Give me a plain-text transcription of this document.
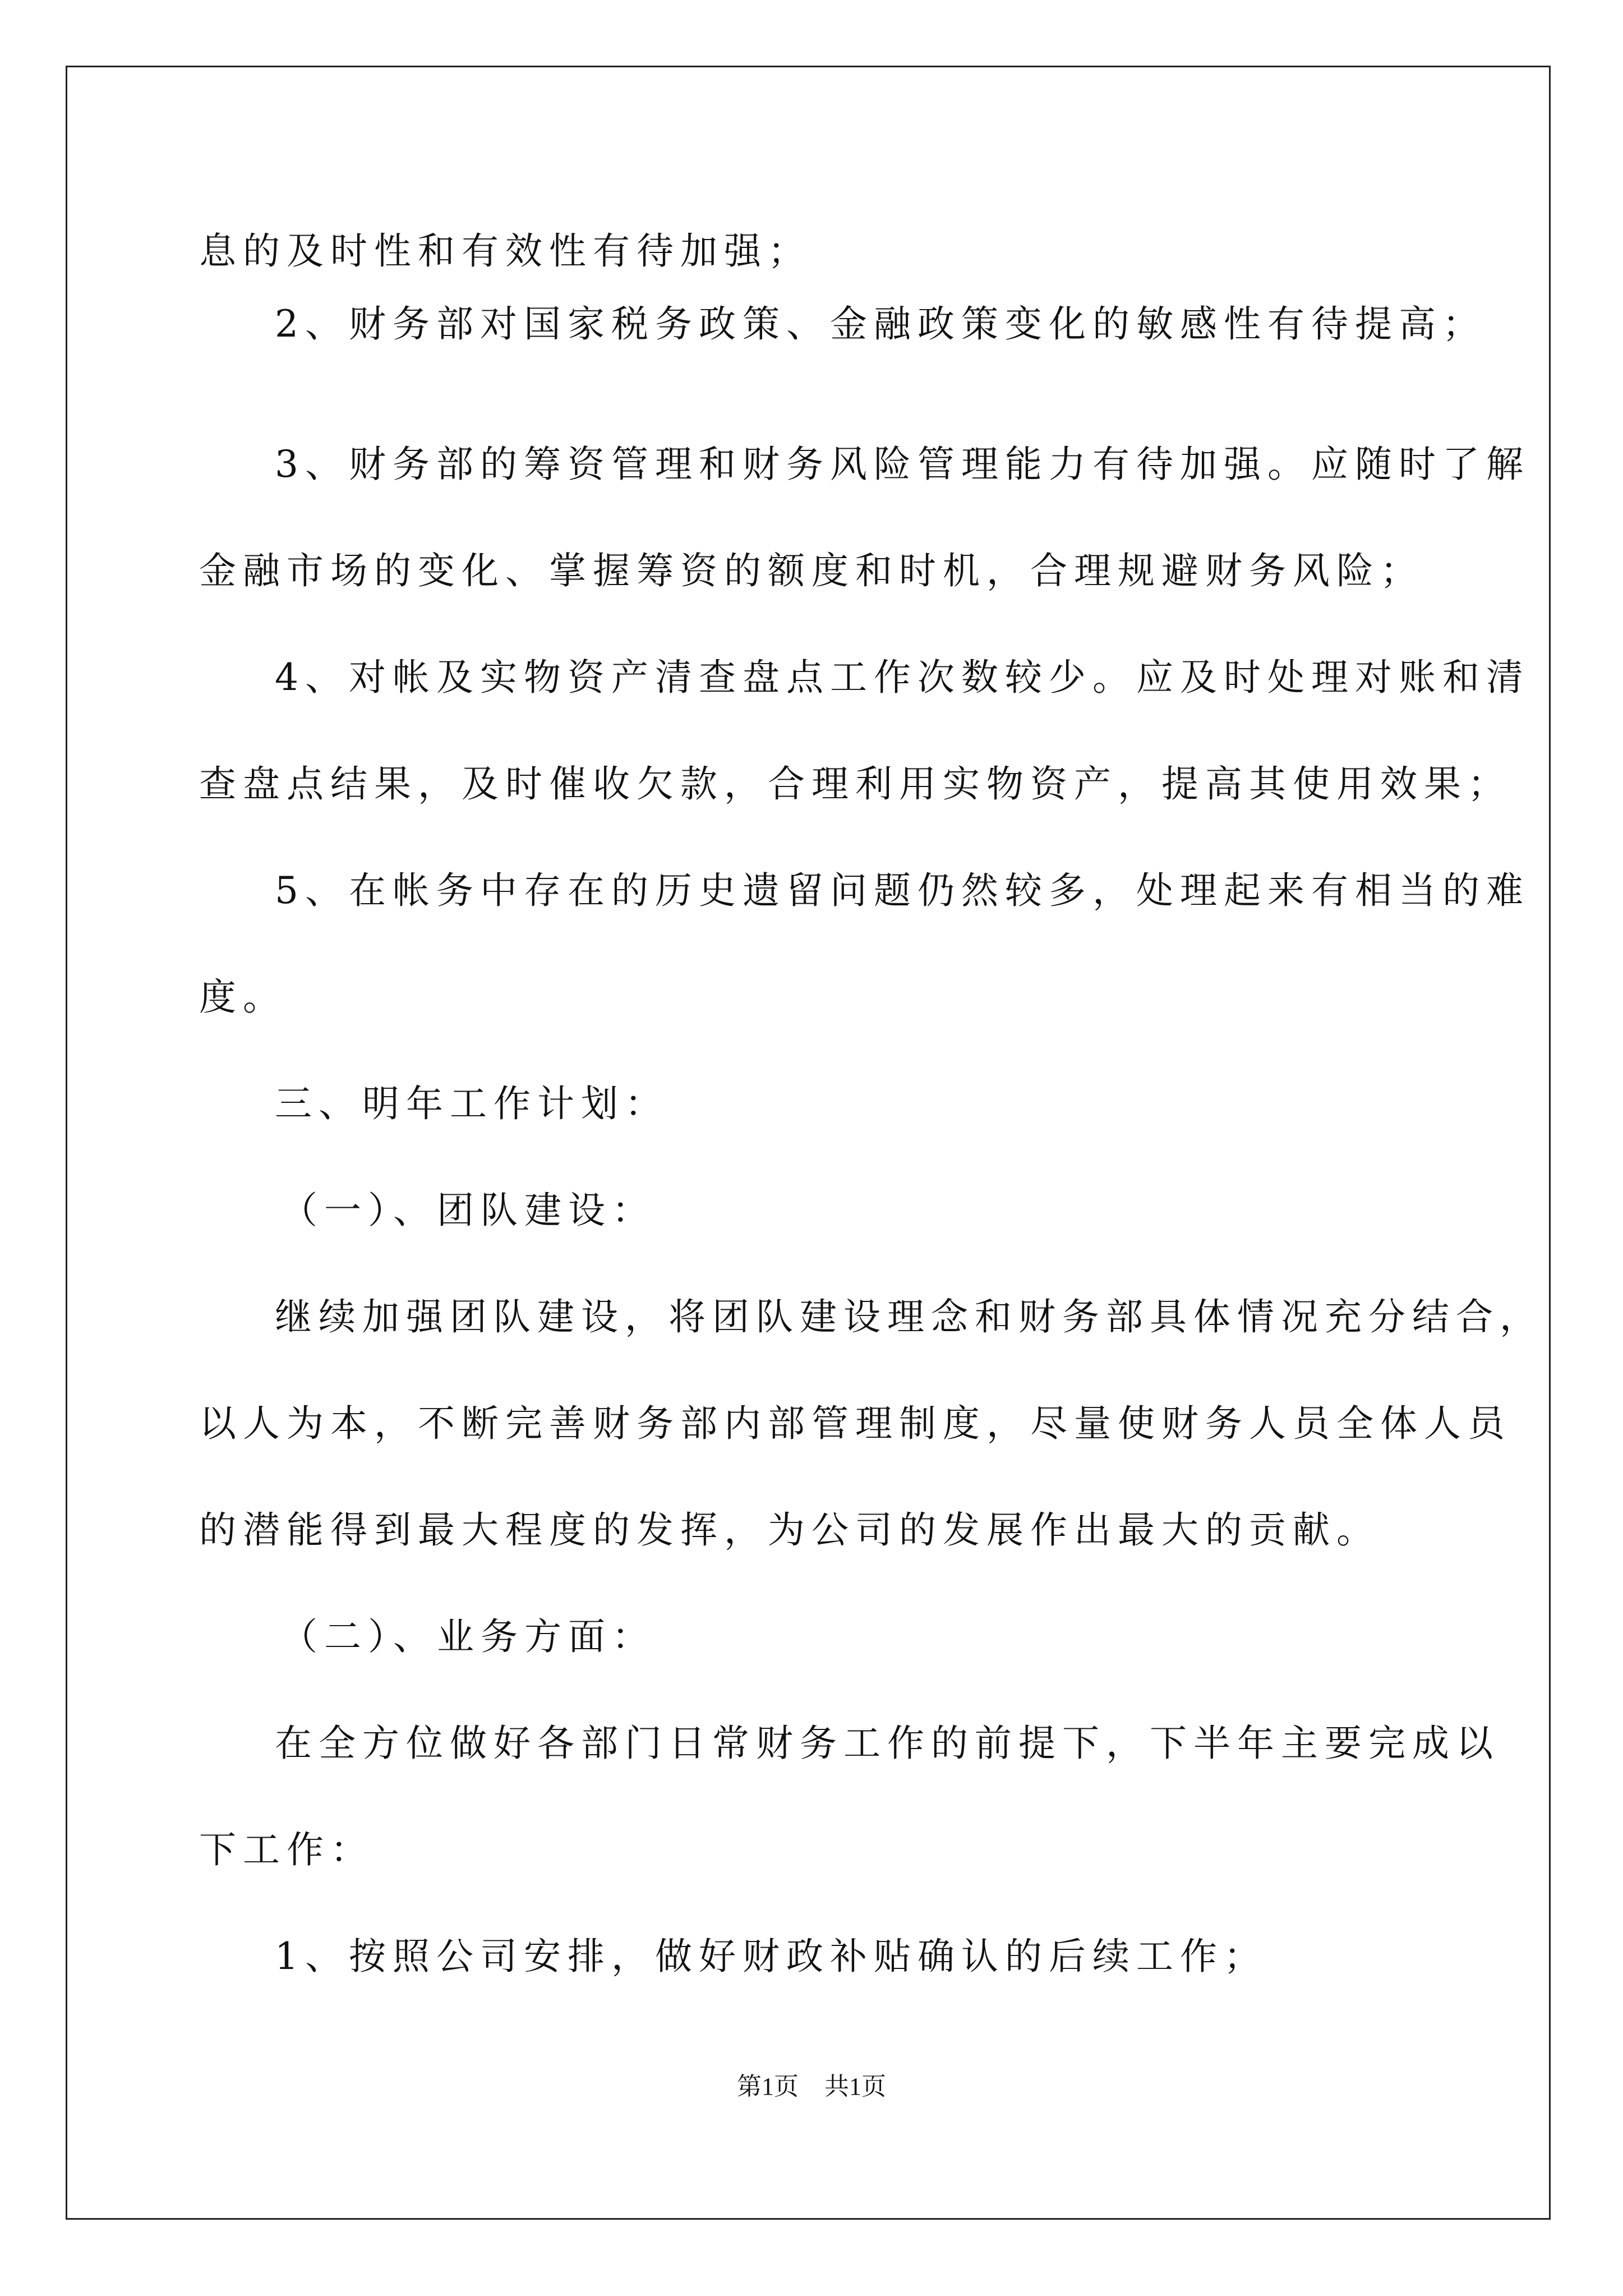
息的及时性和有效性有待加强；
2、财务部对国家税务政策、金融政策变化的敏感性有待提高；
3、财务部的筹资管理和财务风险管理能力有待加强。应随时了解
金融市场的变化、掌握筹资的额度和时机，合理规避财务风险；
4、对帐及实物资产清查盘点工作次数较少。应及时处理对账和清
查盘点结果，及时催收欠款，合理利用实物资产，提高其使用效果；
5、在帐务中存在的历史遗留问题仍然较多，处理起来有相当的难
度。
三、明年工作计划：
（一）、团队建设：
继续加强团队建设，将团队建设理念和财务部具体情况充分结合，
以人为本，不断完善财务部内部管理制度，尽量使财务人员全体人员
的潜能得到最大程度的发挥，为公司的发展作出最大的贡献。
（二）、业务方面：
在全方位做好各部门日常财务工作的前提下，下半年主要完成以
下工作：
1、按照公司安排，做好财政补贴确认的后续工作；
第1页 共1页
